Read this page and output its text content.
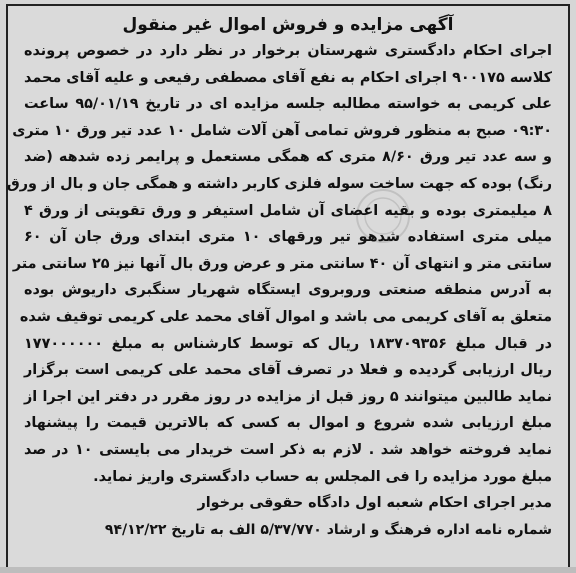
آگهی مزایده و فروش اموال غیر منقول

اجرای احکام دادگستری شهرستان برخوار در نظر دارد در خصوص پرونده

کلاسه ۹۰۰۱۷۵ اجرای احکام به نفع آقای مصطفی رفیعی و علیه آقای محمد

علی کریمی به خواسته مطالبه جلسه مزایده ای در تاریخ ۹۵/۰۱/۱۹ ساعت

۰۹:۳۰ صبح به منظور فروش تمامی آهن آلات شامل ۱۰ عدد تیر ورق ۱۰ متری

و سه عدد تیر ورق ۸/۶۰ متری که همگی مستعمل و پرایمر زده شدهه (ضد

رنگ) بوده که جهت ساخت سوله فلزی کاربر داشته و همگی جان و بال از ورق

۸ میلیمتری بوده و بقیه اعضای آن شامل استیفر و ورق تقویتی از ورق ۴

میلی متری استفاده شدهو تیر ورقهای ۱۰ متری ابتدای ورق جان آن ۶۰

سانتی متر و انتهای آن ۴۰ سانتی متر و عرض ورق بال آنها نیز ۲۵ سانتی متر

به آدرس منطقه صنعتی وروبروی ایستگاه شهریار سنگبری داریوش بوده

متعلق به آقای کریمی می باشد و اموال آقای محمد علی کریمی توقیف شده

در قبال مبلغ ۱۸۳۷۰۹۳۵۶ ریال که توسط کارشناس به مبلغ ۱۷۷۰۰۰۰۰۰

ریال ارزیابی گردیده و فعلا در تصرف آقای محمد علی کریمی است برگزار

نماید طالبین میتوانند ۵ روز قبل از مزایده در روز مقرر در دفتر این اجرا از

مبلغ ارزیابی شده شروع و اموال به کسی که بالاترین قیمت را پیشنهاد

نماید فروخته خواهد شد . لازم به ذکر است خریدار می بایستی ۱۰ در صد

مبلغ مورد مزایده را فی المجلس به حساب دادگستری واریز نماید.

مدیر اجرای احکام شعبه اول دادگاه حقوقی برخوار

شماره نامه اداره فرهنگ و ارشاد ۵/۳۷/۷۷۰ الف به تاریخ ۹۴/۱۲/۲۲
